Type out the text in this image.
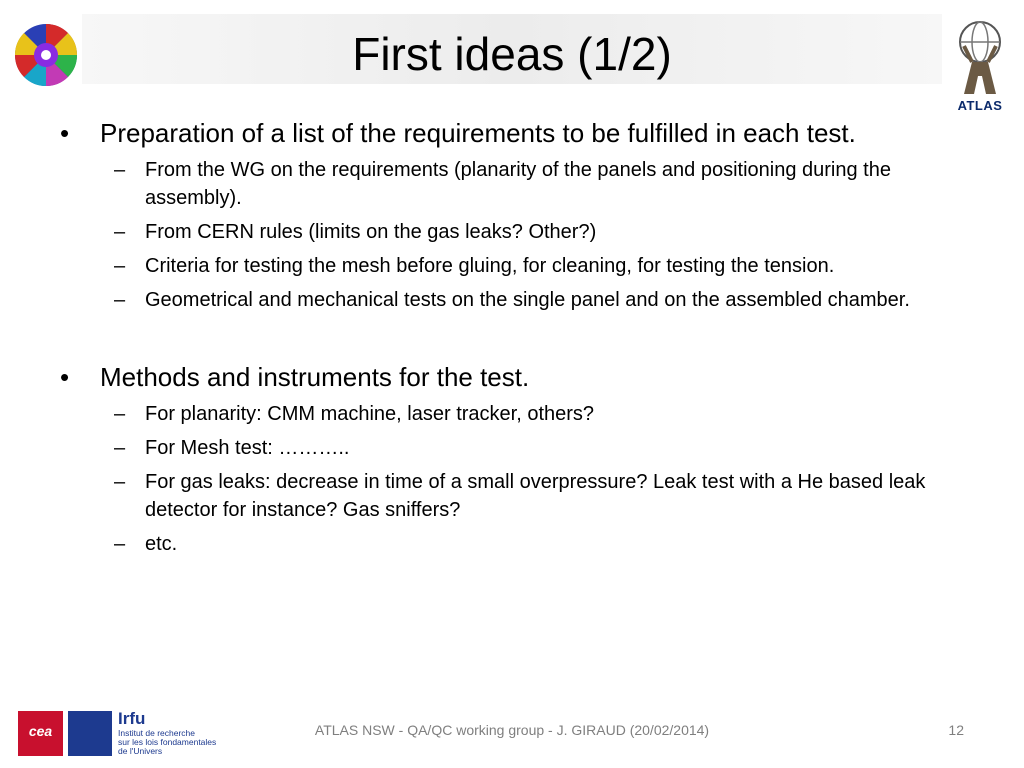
First ideas (1/2)
ATLAS
• Preparation of a list of the requirements to be fulfilled in each test.
– From the WG on the requirements (planarity of the panels and positioning during the assembly).
– From CERN rules (limits on the gas leaks? Other?)
– Criteria for testing the mesh before gluing, for cleaning, for testing the tension.
– Geometrical and mechanical tests on the single panel and on the assembled chamber.
• Methods and instruments for the test.
– For planarity: CMM machine, laser tracker, others?
– For Mesh test: ………..
– For gas leaks: decrease in time of a small overpressure? Leak test with a He based leak detector for instance? Gas sniffers?
– etc.
cea
Irfu
Institut de recherche
sur les lois fondamentales
de l'Univers
ATLAS NSW - QA/QC working group - J. GIRAUD (20/02/2014)	12
